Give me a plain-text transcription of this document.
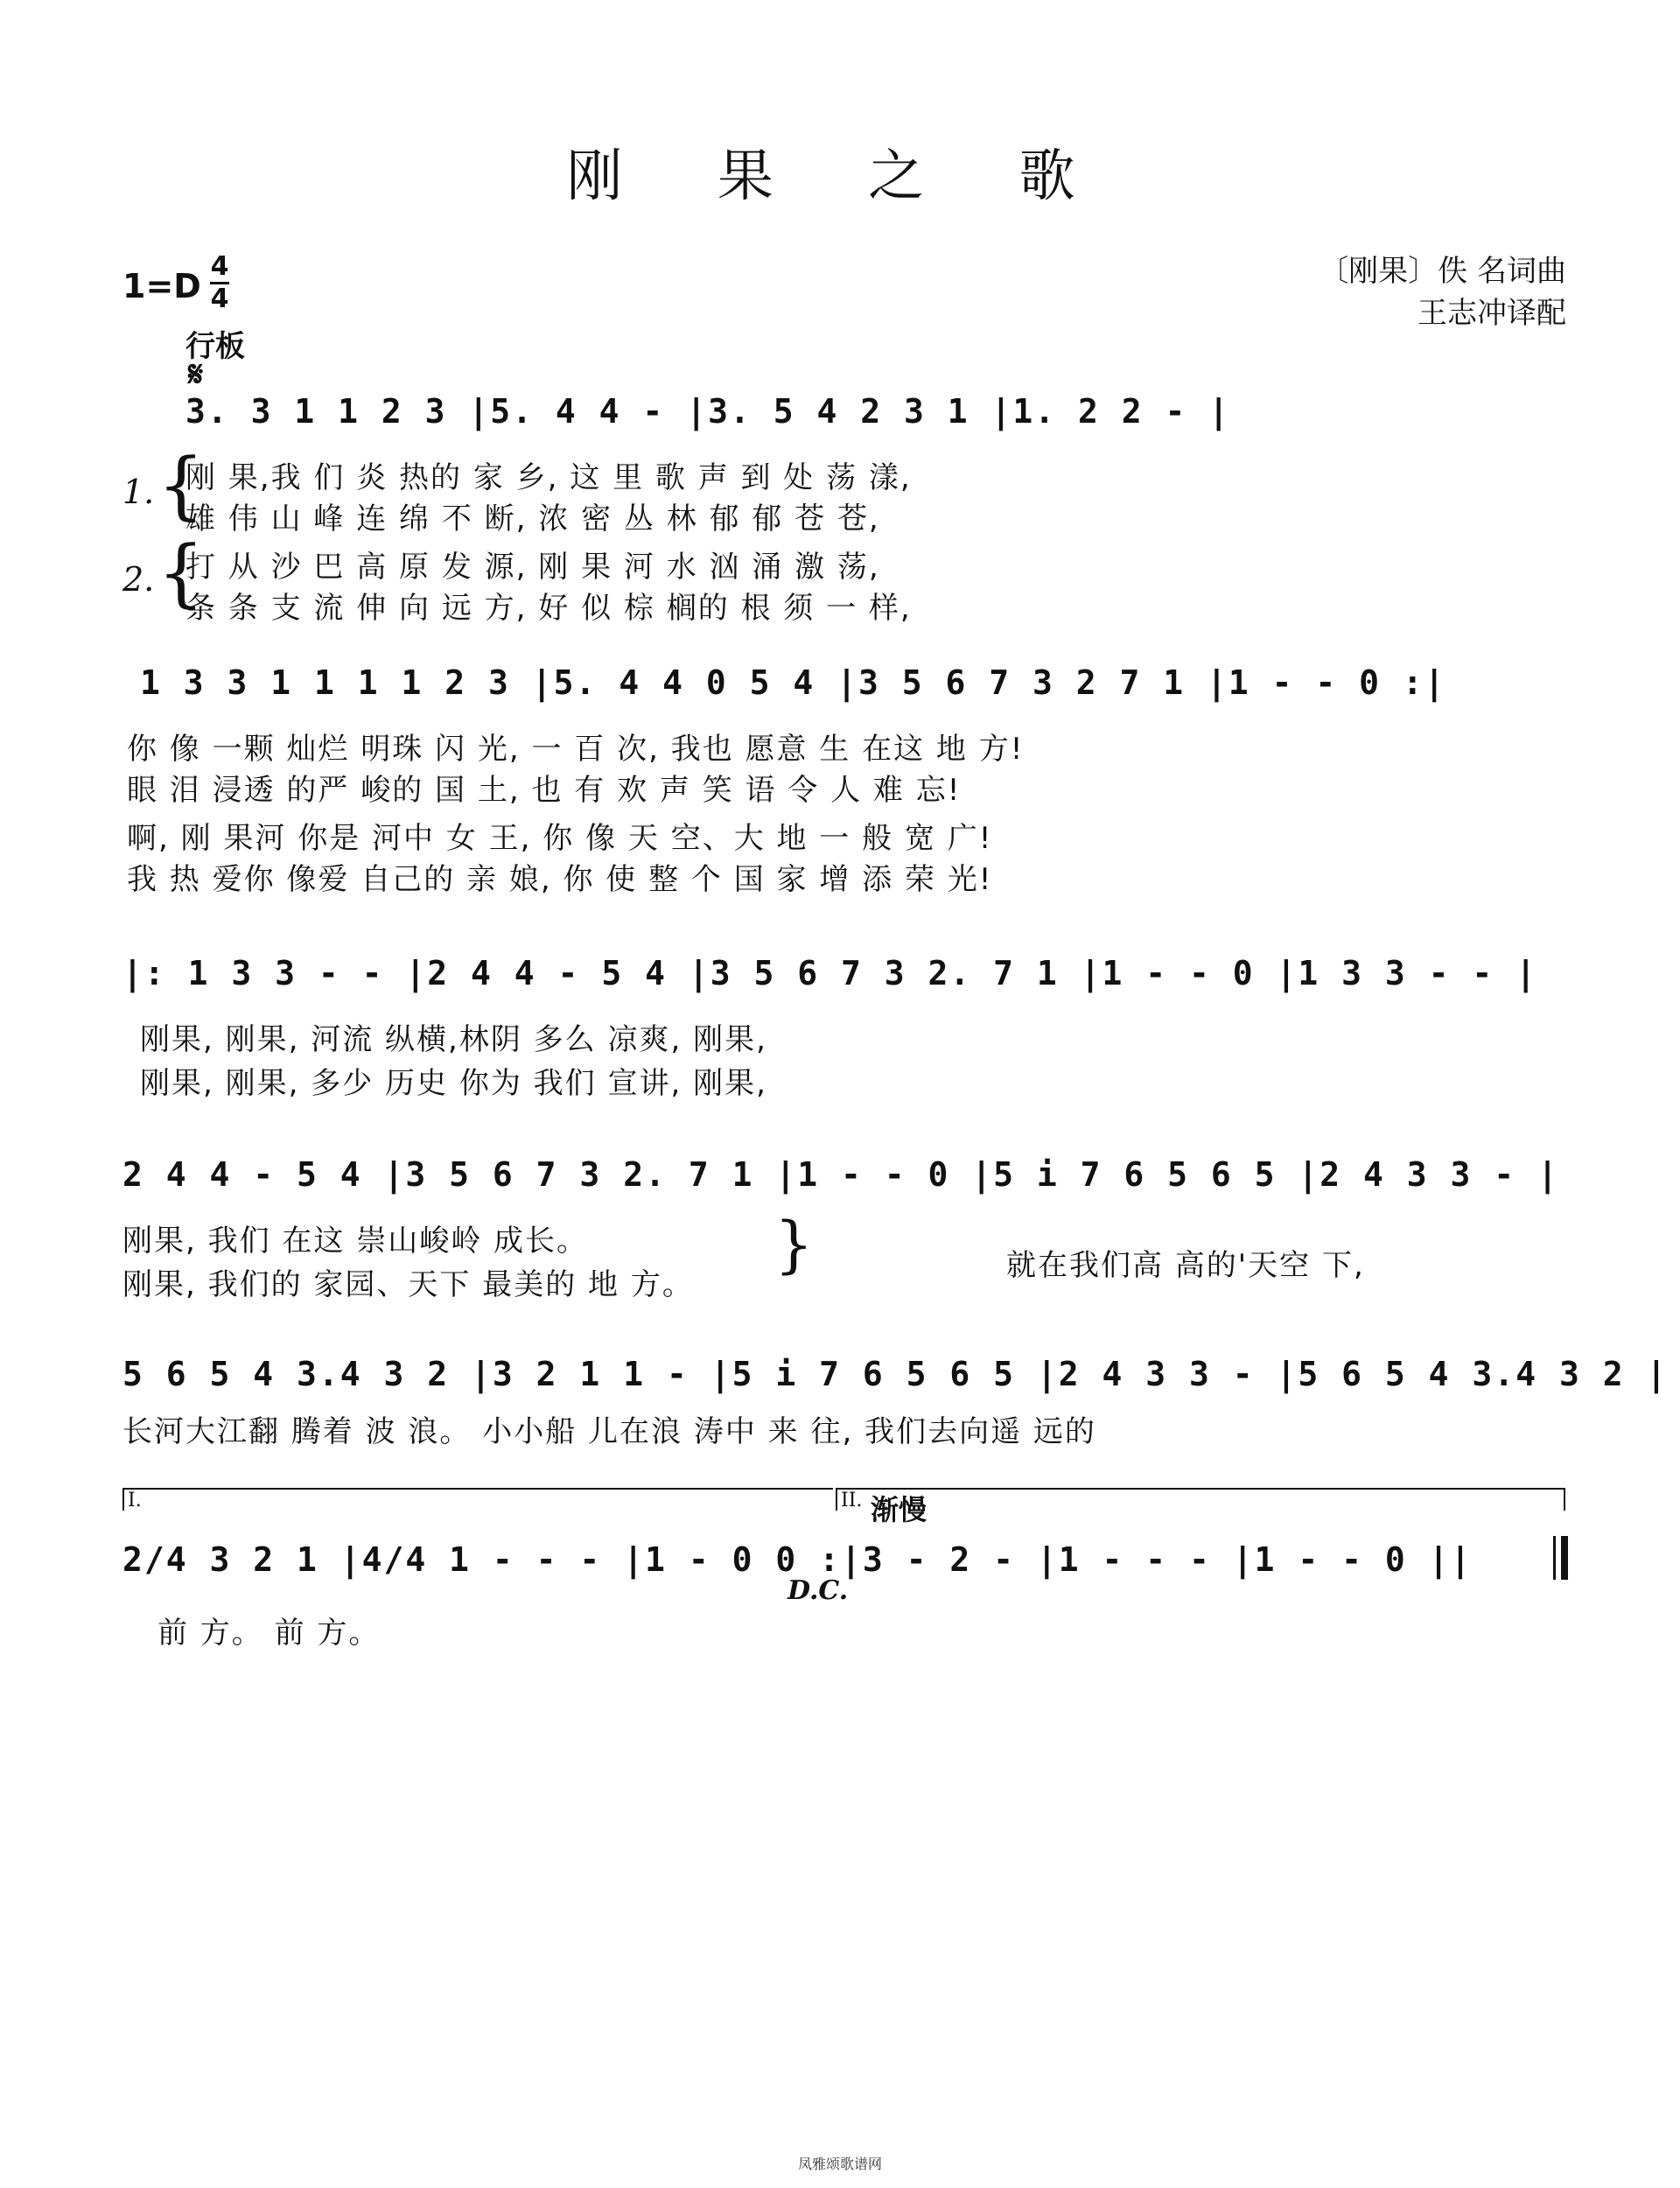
刚 果 之 歌
1=D
4
4
〔刚果〕佚 名词曲
王志冲译配
行板
𝄋
3. 3 1 1 2 3 |5. 4 4 - |3. 5 4 2 3 1 |1. 2 2 - |
1.
2.
{
{
刚 果,我 们 炎 热的 家 乡, 这 里 歌 声 到 处 荡 漾,
雄 伟 山 峰 连 绵 不 断, 浓 密 丛 林 郁 郁 苍 苍,
打 从 沙 巴 高 原 发 源, 刚 果 河 水 汹 涌 激 荡,
条 条 支 流 伸 向 远 方, 好 似 棕 榈的 根 须 一 样,
1 3 3 1 1 1 1 2 3 |5. 4 4 0 5 4 |3 5 6 7 3 2 7 1 |1 - - 0 :|
你 像 一颗 灿烂 明珠 闪 光, 一 百 次, 我也 愿意 生 在这 地 方!
眼 泪 浸透 的严 峻的 国 土, 也 有 欢 声 笑 语 令 人 难 忘!
啊, 刚 果河 你是 河中 女 王, 你 像 天 空、大 地 一 般 宽 广!
我 热 爱你 像爱 自己的 亲 娘, 你 使 整 个 国 家 增 添 荣 光!
|: 1 3 3 - - |2 4 4 - 5 4 |3 5 6 7 3 2. 7 1 |1 - - 0 |1 3 3 - - |
刚果, 刚果, 河流 纵横,林阴 多么 凉爽, 刚果,
刚果, 刚果, 多少 历史 你为 我们 宣讲, 刚果,
2 4 4 - 5 4 |3 5 6 7 3 2. 7 1 |1 - - 0 |5 i 7 6 5 6 5 |2 4 3 3 - |
刚果, 我们 在这 崇山峻岭 成长。
刚果, 我们的 家园、天下 最美的 地 方。
}	就在我们高 高的'天空 下,
5 6 5 4 3.4 3 2 |3 2 1 1 - |5 i 7 6 5 6 5 |2 4 3 3 - |5 6 5 4 3.4 3 2 |
长河大江翻 腾着 波 浪。 小小船 儿在浪 涛中 来 往, 我们去向遥 远的
I.	II. 渐慢
2/4 3 2 1 |4/4 1 - - - |1 - 0 0 :|3 - 2 - |1 - - - |1 - - 0 ||
D.C.
前 方。 前 方。
凤雅颂歌谱网
